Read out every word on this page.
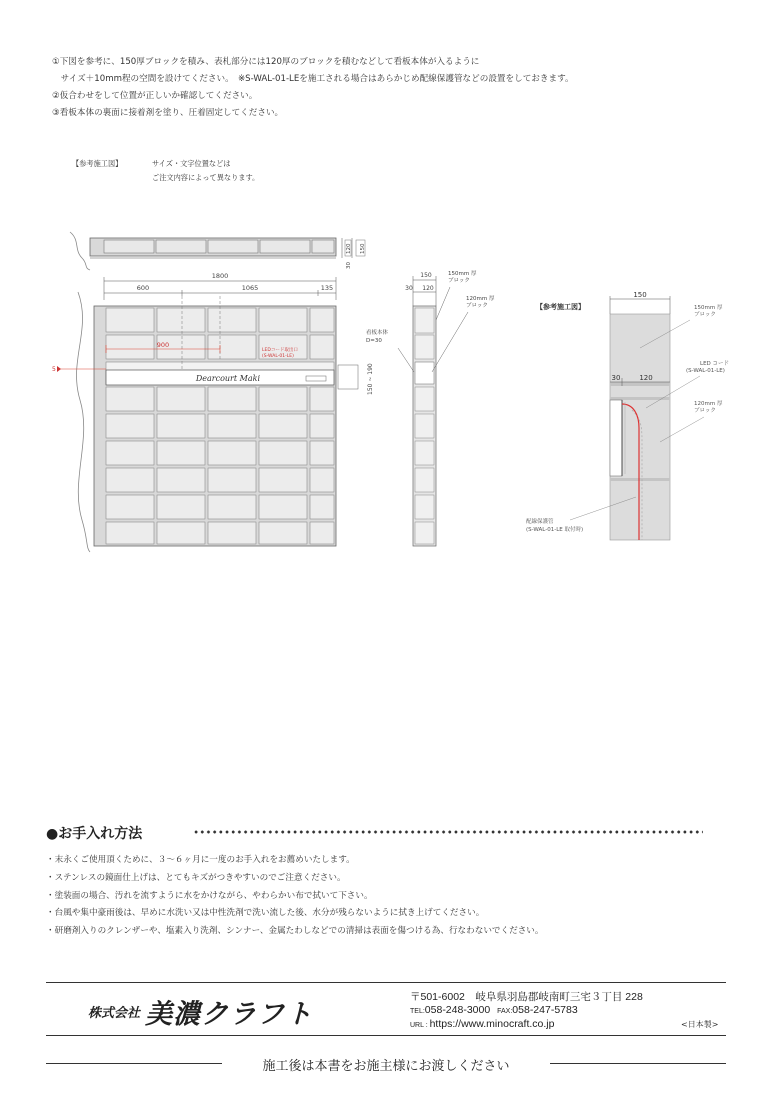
①下図を参考に、150厚ブロックを積み、表札部分には120厚のブロックを積むなどして看板本体が入るように
　サイズ＋10mm程の空間を設けてください。　※S-WAL-01-LEを施工される場合はあらかじめ配線保護管などの設置をしておきます。
②仮合わせをして位置が正しいか確認してください。
③看板本体の裏面に接着剤を塗り、圧着固定してください。
【参考施工図】	サイズ・文字位置などは
ご注文内容によって異なります。
30
120 150
1800
600	1065	135
900
LEDコード取出口
(S-WAL-01-LE)
5
Dearcourt Maki	150 ~ 190
150
30 120
150mm 厚
ブロック
120mm 厚
ブロック
看板本体
D=30
【参考施工図】
150
30	120
150mm 厚
ブロック
LED コード
(S-WAL-01-LE)
120mm 厚
ブロック
配線保護管
(S-WAL-01-LE 取付時)
●お手入れ方法
・末永くご使用頂くために、３～６ヶ月に一度のお手入れをお薦めいたします。
・ステンレスの鏡面仕上げは、とてもキズがつきやすいのでご注意ください。
・塗装面の場合、汚れを流すように水をかけながら、やわらかい布で拭いて下さい。
・台風や集中豪雨後は、早めに水洗い又は中性洗剤で洗い流した後、水分が残らないように拭き上げてください。
・研磨剤入りのクレンザーや、塩素入り洗剤、シンナー、金属たわしなどでの清掃は表面を傷つける為、行なわないでください。
株式会社 美濃クラフト
〒501-6002　岐阜県羽島郡岐南町三宅３丁目 228
TEL:058-248-3000 FAX:058-247-5783
URL : https://www.minocraft.co.jp	<日本製>
施工後は本書をお施主様にお渡しください
